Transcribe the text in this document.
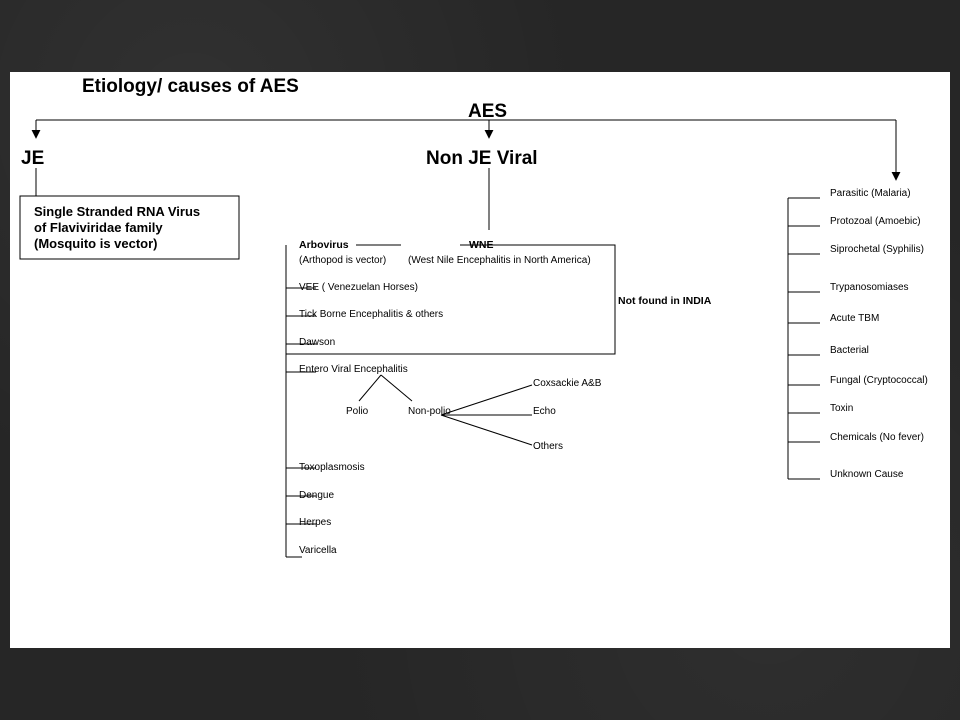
Etiology/ causes of AES
AES
JE
Single Stranded RNA Virus
of Flaviviridae family
(Mosquito is vector)
Non JE Viral
Arbovirus
(Arthopod is vector)
WNE
(West Nile Encephalitis in North America)
Not found in INDIA
VEE ( Venezuelan Horses)
Tick Borne Encephalitis & others
Dawson
Entero Viral Encephalitis
Polio	Non-polio
Coxsackie A&B
Echo
Others
Toxoplasmosis
Dengue
Herpes
Varicella
Parasitic (Malaria)
Protozoal (Amoebic)
Siprochetal (Syphilis)
Trypanosomiases
Acute TBM
Bacterial
Fungal (Cryptococcal)
Toxin
Chemicals (No fever)
Unknown Cause
